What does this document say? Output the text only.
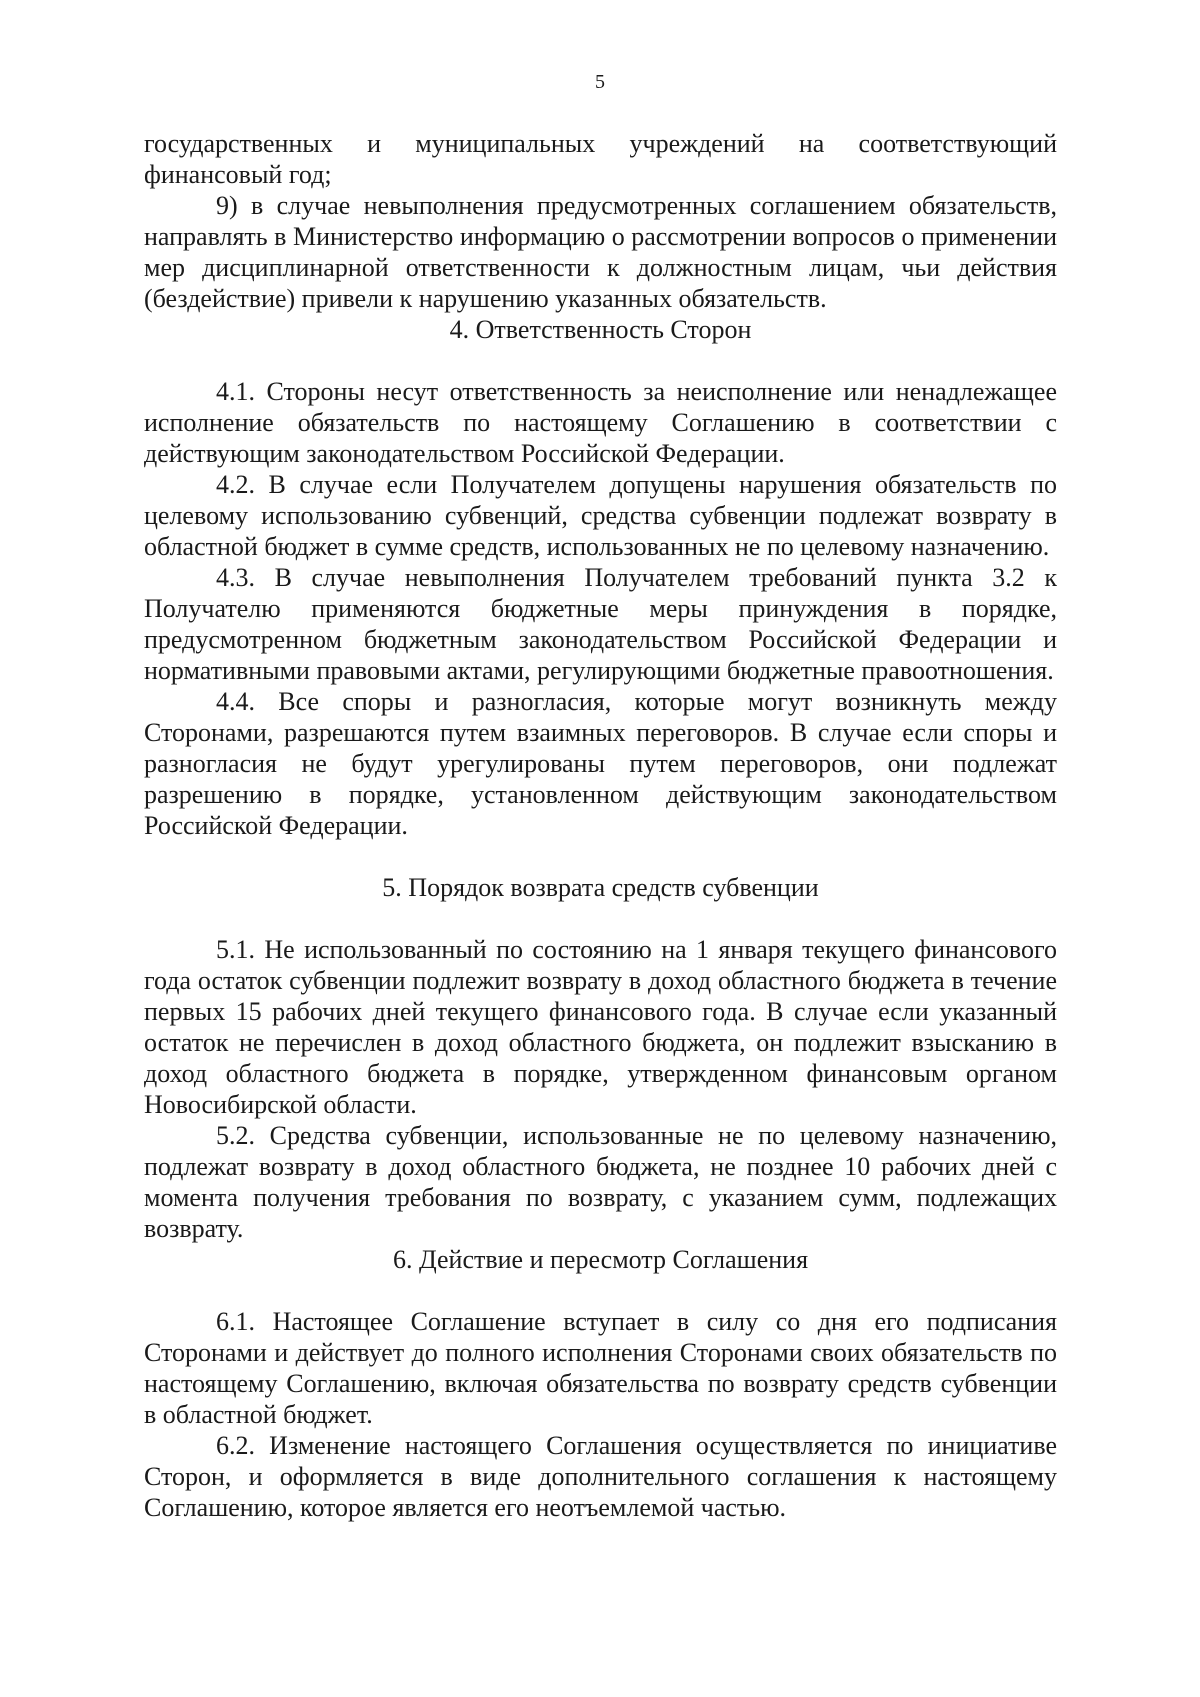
5

государственных и муниципальных учреждений на соответствующий

финансовый год;

9) в случае невыполнения предусмотренных соглашением обязательств, направлять в Министерство информацию о рассмотрении вопросов о применении мер дисциплинарной ответственности к должностным лицам, чьи действия (бездействие) привели к нарушению указанных обязательств.

4. Ответственность Сторон

4.1. Стороны несут ответственность за неисполнение или ненадлежащее исполнение обязательств по настоящему Соглашению в соответствии с действующим законодательством Российской Федерации.

4.2. В случае если Получателем допущены нарушения обязательств по целевому использованию субвенций, средства субвенции подлежат возврату в областной бюджет в сумме средств, использованных не по целевому назначению.

4.3. В случае невыполнения Получателем требований пункта 3.2 к Получателю применяются бюджетные меры принуждения в порядке, предусмотренном бюджетным законодательством Российской Федерации и нормативными правовыми актами, регулирующими бюджетные правоотношения.

4.4. Все споры и разногласия, которые могут возникнуть между Сторонами, разрешаются путем взаимных переговоров. В случае если споры и разногласия не будут урегулированы путем переговоров, они подлежат разрешению в порядке, установленном действующим законодательством Российской Федерации.

5. Порядок возврата средств субвенции

5.1. Не использованный по состоянию на 1 января текущего финансового года остаток субвенции подлежит возврату в доход областного бюджета в течение первых 15 рабочих дней текущего финансового года. В случае если указанный остаток не перечислен в доход областного бюджета, он подлежит взысканию в доход областного бюджета в порядке, утвержденном финансовым органом Новосибирской области.

5.2. Средства субвенции, использованные не по целевому назначению, подлежат возврату в доход областного бюджета, не позднее 10 рабочих дней с момента получения требования по возврату, с указанием сумм, подлежащих возврату.

6. Действие и пересмотр Соглашения

6.1. Настоящее Соглашение вступает в силу со дня его подписания Сторонами и действует до полного исполнения Сторонами своих обязательств по настоящему Соглашению, включая обязательства по возврату средств субвенции в областной бюджет.

6.2. Изменение настоящего Соглашения осуществляется по инициативе Сторон, и оформляется в виде дополнительного соглашения к настоящему Соглашению, которое является его неотъемлемой частью.
